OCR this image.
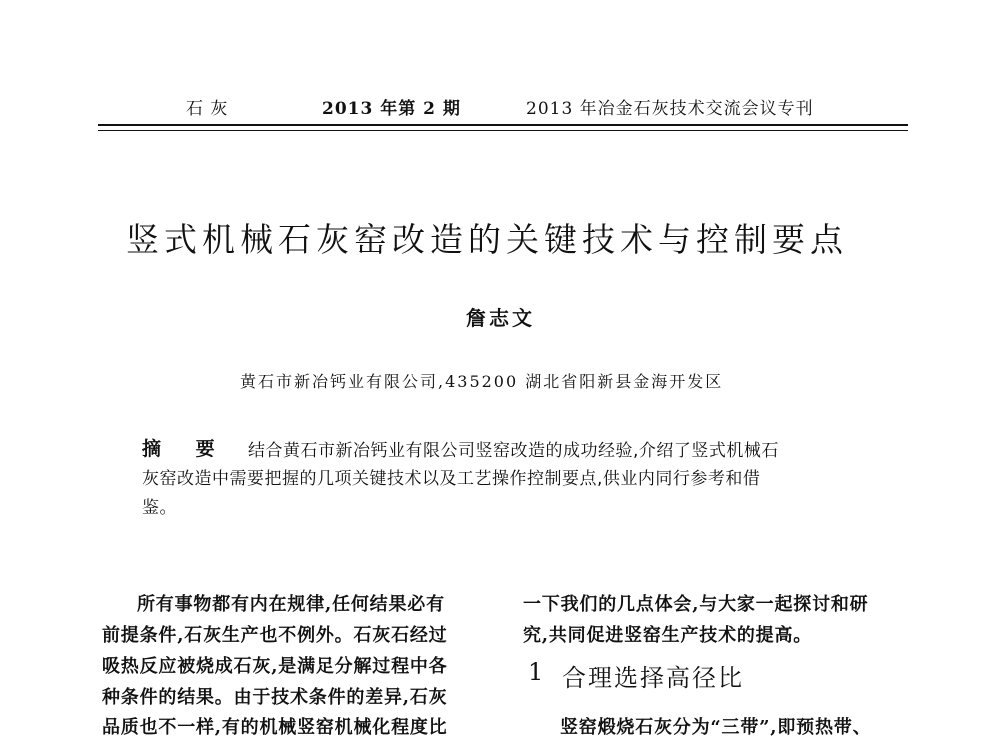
石 灰	2013 年第 2 期	2013 年冶金石灰技术交流会议专刊
竖式机械石灰窑改造的关键技术与控制要点
詹志文
黄石市新冶钙业有限公司,435200 湖北省阳新县金海开发区
摘 要 结合黄石市新冶钙业有限公司竖窑改造的成功经验,介绍了竖式机械石
灰窑改造中需要把握的几项关键技术以及工艺操作控制要点,供业内同行参考和借
鉴。
所有事物都有内在规律,任何结果必有
前提条件,石灰生产也不例外。石灰石经过
吸热反应被烧成石灰,是满足分解过程中各
种条件的结果。由于技术条件的差异,石灰
品质也不一样,有的机械竖窑机械化程度比
一下我们的几点体会,与大家一起探讨和研
究,共同促进竖窑生产技术的提高。
1 合理选择高径比
竖窑煅烧石灰分为“三带”,即预热带、
